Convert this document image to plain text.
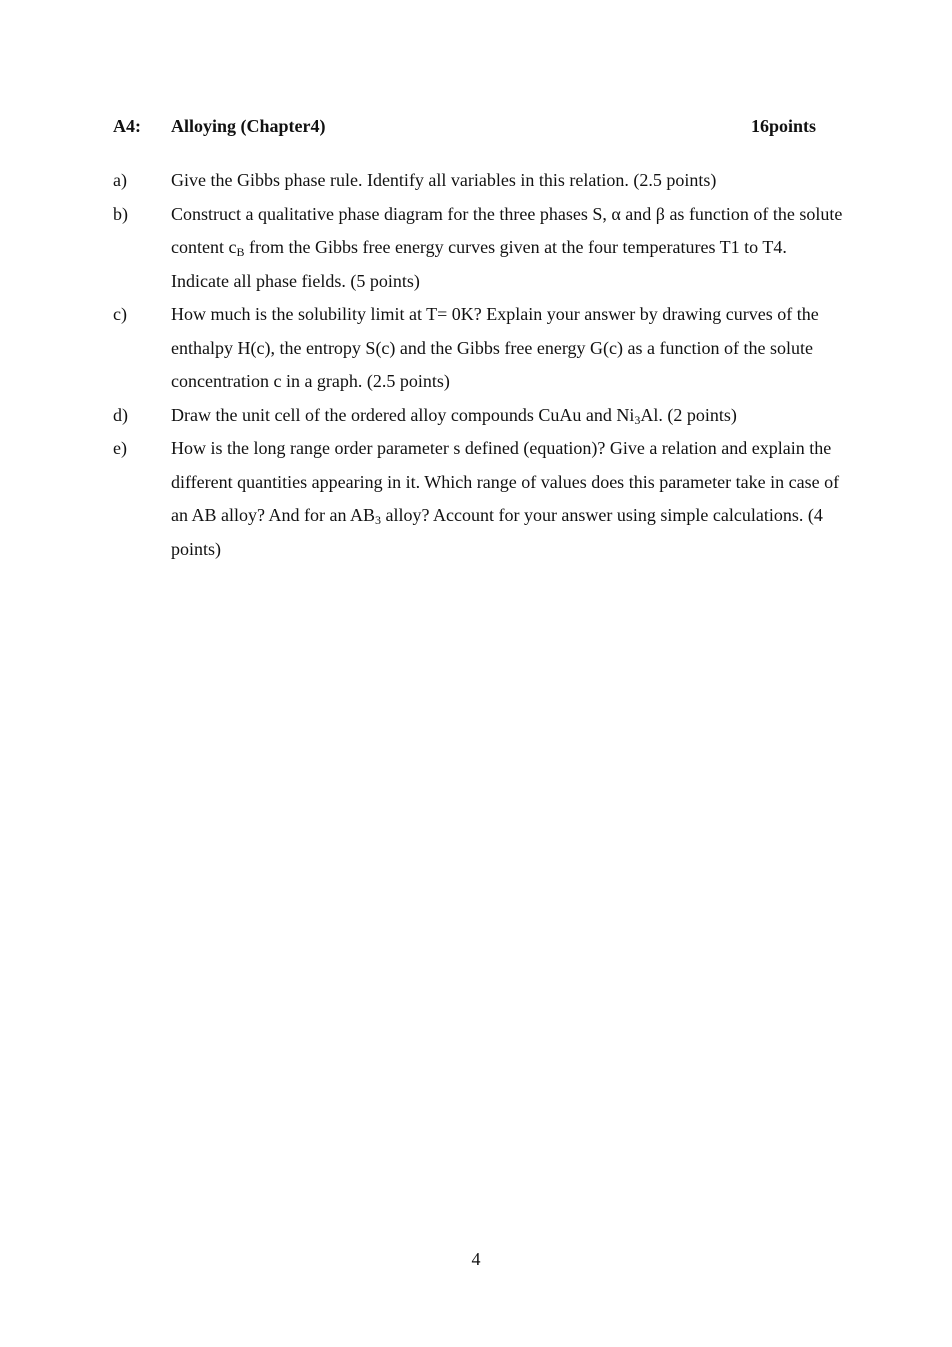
A4: Alloying (Chapter4)	16points
a) Give the Gibbs phase rule. Identify all variables in this relation. (2.5 points)
b) Construct a qualitative phase diagram for the three phases S, α and β as function of the solute content $c_B$ from the Gibbs free energy curves given at the four temperatures T1 to T4. Indicate all phase fields. (5 points)
c) How much is the solubility limit at T= 0K? Explain your answer by drawing curves of the enthalpy H(c), the entropy S(c) and the Gibbs free energy G(c) as a function of the solute concentration c in a graph. (2.5 points)
d) Draw the unit cell of the ordered alloy compounds CuAu and $Ni_3Al$. (2 points)
e) How is the long range order parameter s defined (equation)? Give a relation and explain the different quantities appearing in it. Which range of values does this parameter take in case of an AB alloy? And for an $AB_3$ alloy? Account for your answer using simple calculations. (4 points)
4
